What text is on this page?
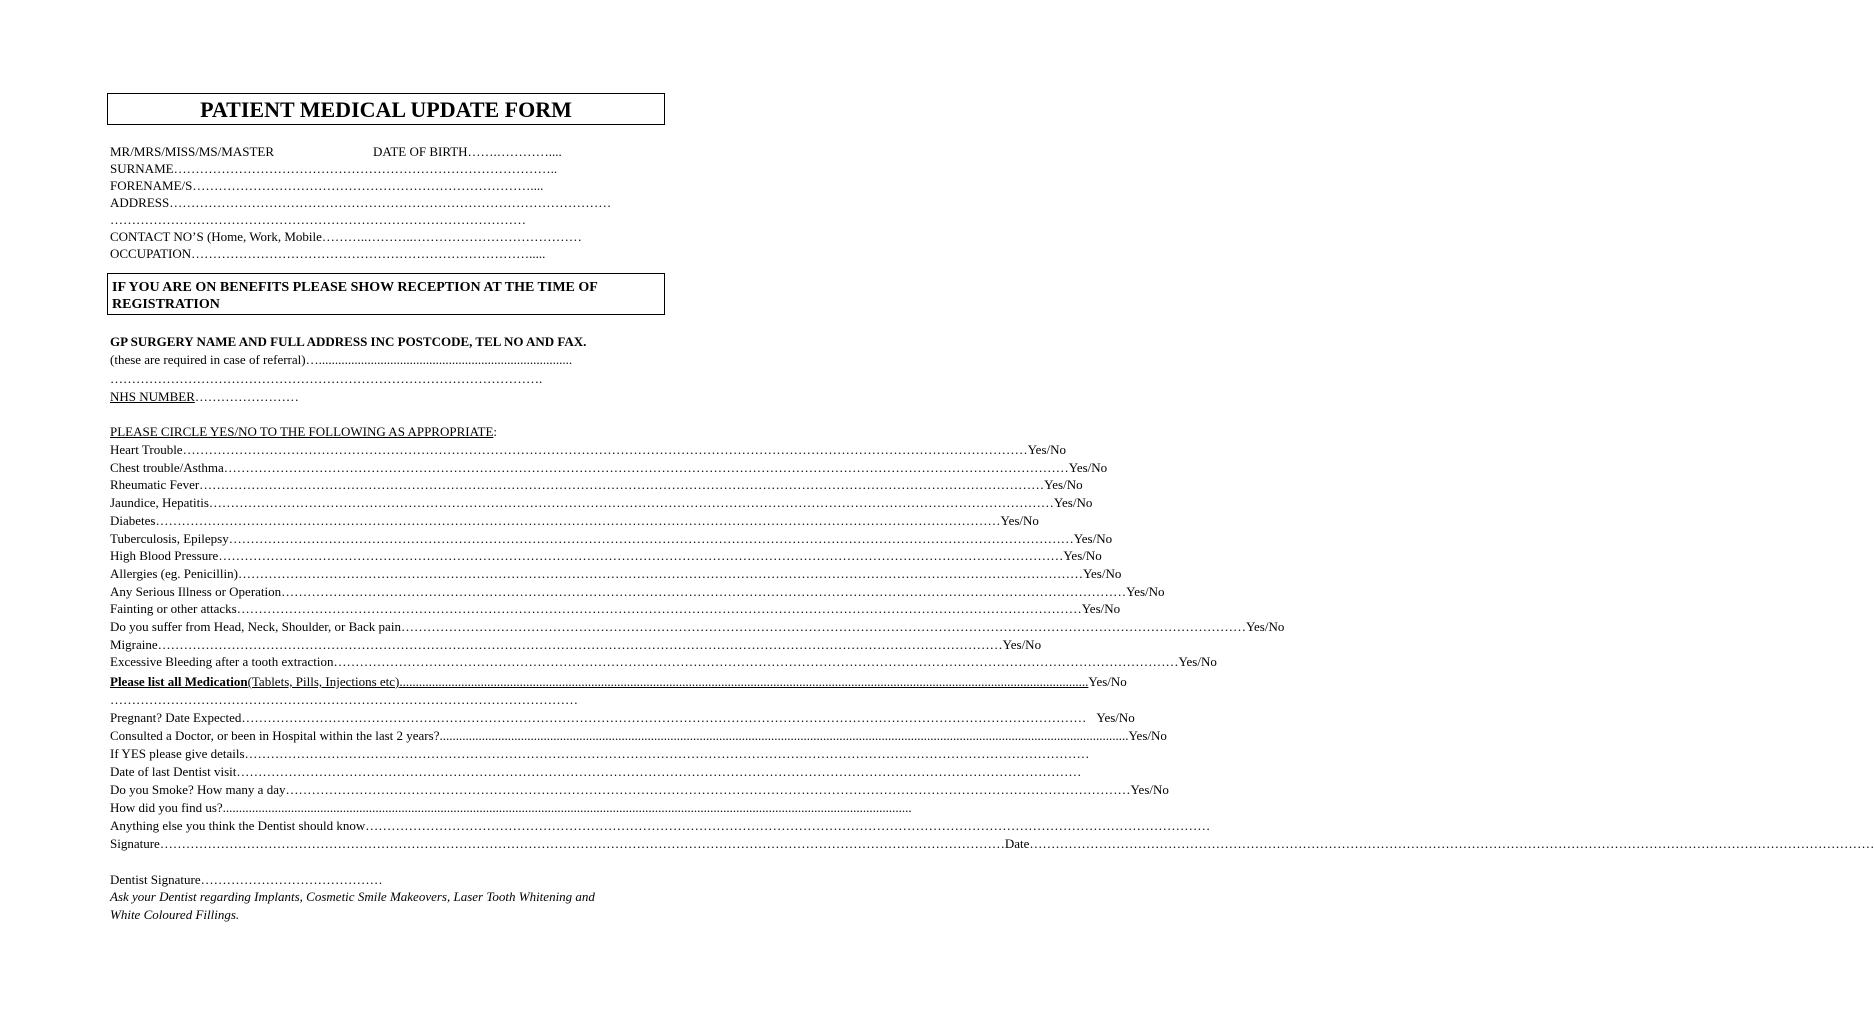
PATIENT MEDICAL UPDATE FORM
MR/MRS/MISS/MS/MASTER	DATE OF BIRTH…….…………....
SURNAME……………………………………………………………………………..
FORENAME/S……………………………………………………………………....
ADDRESS…………………………………………………………………………………………
……………………………………………………………………………………
CONTACT NO’S (Home, Work, Mobile………..………..…………………………………
OCCUPATION…………………………………………………………………….....
IF YOU ARE ON BENEFITS PLEASE SHOW RECEPTION AT THE TIME OF REGISTRATION
GP SURGERY NAME AND FULL ADDRESS INC POSTCODE, TEL NO AND FAX.
(these are required in case of referral)…..............................................................................
……………………………………………………………………………………….
NHS NUMBER……………………
PLEASE CIRCLE YES/NO TO THE FOLLOWING AS APPROPRIATE:
Heart Trouble …………………………………………………………………………………………………………………………………………………………………………… Yes/No
Chest trouble/Asthma …………………………………………………………………………………………………………………………………………………………………………… Yes/No
Rheumatic Fever …………………………………………………………………………………………………………………………………………………………………………… Yes/No
Jaundice, Hepatitis …………………………………………………………………………………………………………………………………………………………………………… Yes/No
Diabetes …………………………………………………………………………………………………………………………………………………………………………… Yes/No
Tuberculosis, Epilepsy …………………………………………………………………………………………………………………………………………………………………………… Yes/No
High Blood Pressure …………………………………………………………………………………………………………………………………………………………………………… Yes/No
Allergies (eg. Penicillin) …………………………………………………………………………………………………………………………………………………………………………… Yes/No
Any Serious Illness or Operation …………………………………………………………………………………………………………………………………………………………………………… Yes/No
Fainting or other attacks …………………………………………………………………………………………………………………………………………………………………………… Yes/No
Do you suffer from Head, Neck, Shoulder, or Back pain …………………………………………………………………………………………………………………………………………………………………………… Yes/No
Migraine …………………………………………………………………………………………………………………………………………………………………………… Yes/No
Excessive Bleeding after a tooth extraction …………………………………………………………………………………………………………………………………………………………………………… Yes/No
Please list all Medication (Tablets, Pills, Injections etc) .................................................................................................................................................................................................................... Yes/No
………………………………………………………………………………………………
Pregnant? Date Expected …………………………………………………………………………………………………………………………………………………………………………… Yes/No
Consulted a Doctor, or been in Hospital within the last 2 years? .................................................................................................................................................................................................................... Yes/No
If YES please give details ……………………………………………………………………………………………………………………………………………………………………………
Date of last Dentist visit ……………………………………………………………………………………………………………………………………………………………………………
Do you Smoke? How many a day …………………………………………………………………………………………………………………………………………………………………………… Yes/No
How did you find us? ....................................................................................................................................................................................................................
Anything else you think the Dentist should know ……………………………………………………………………………………………………………………………………………………………………………
Signature …………………………………………………………………………………………………………………………………………………………………………… Date ……………………………………………………………………………………………………………………………………………………………………………
Dentist Signature……………………………………
Ask your Dentist regarding Implants, Cosmetic Smile Makeovers, Laser Tooth Whitening and
White Coloured Fillings.
